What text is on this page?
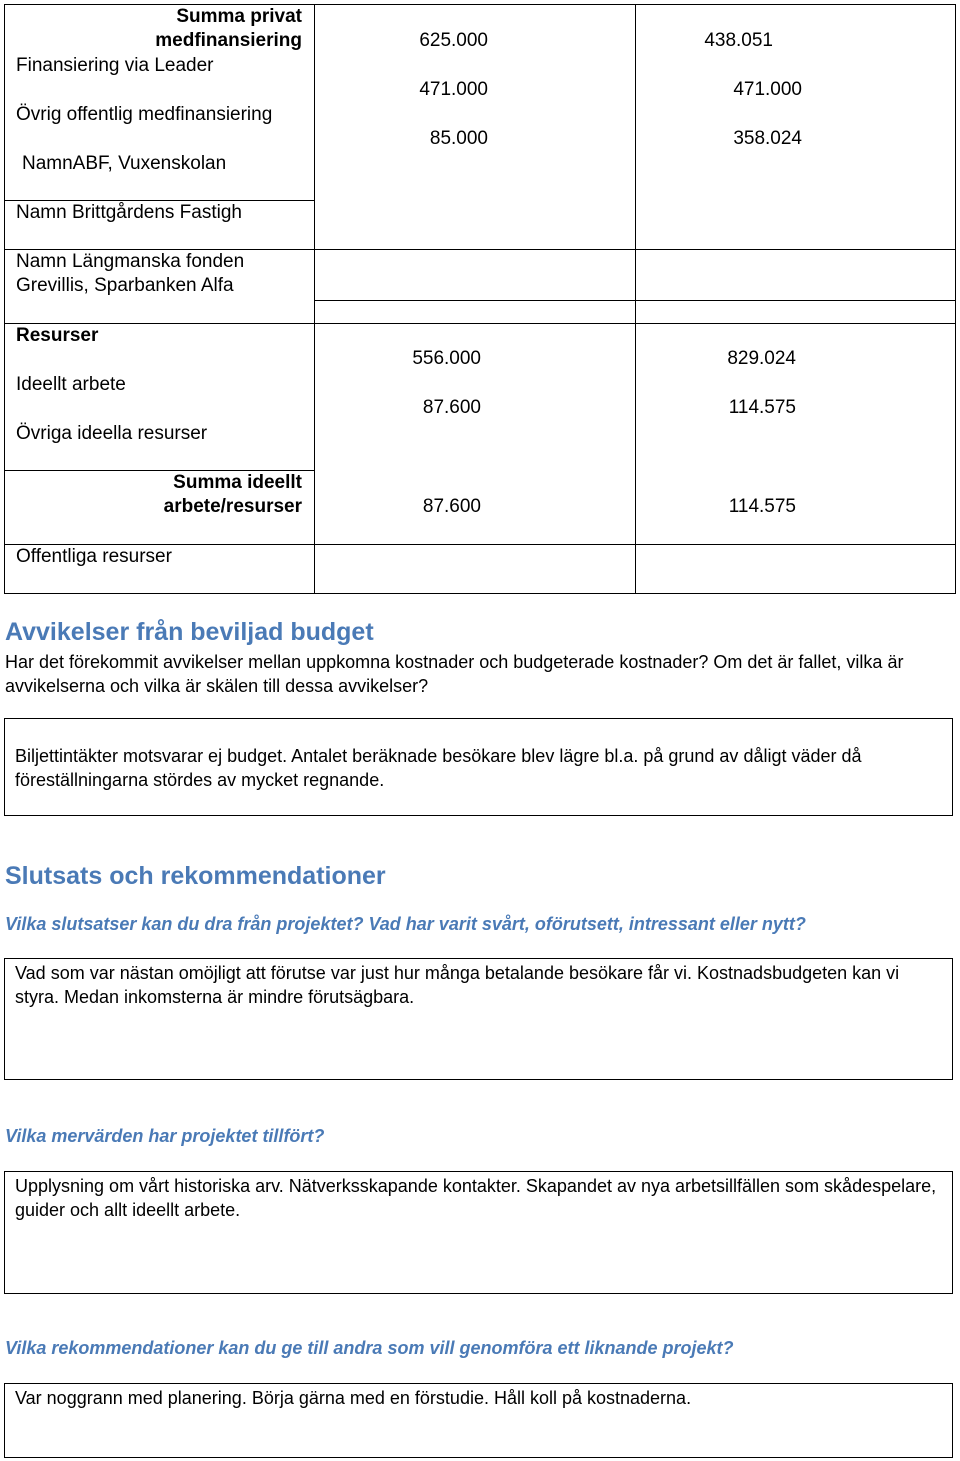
Summa privat
medfinansiering
Finansiering via Leader
Övrig offentlig medfinansiering
NamnABF, Vuxenskolan
Namn Brittgårdens Fastigh
Namn Längmanska fonden
Grevillis, Sparbanken Alfa
Resurser
Ideellt arbete
Övriga ideella resurser
Summa ideellt
arbete/resurser
Offentliga resurser
625.000
471.000
85.000
556.000
87.600
87.600
438.051
471.000
358.024
829.024
114.575
114.575
Avvikelser från beviljad budget
Har det förekommit avvikelser mellan uppkomna kostnader och budgeterade kostnader? Om det är fallet, vilka är avvikelserna och vilka är skälen till dessa avvikelser?

Biljettintäkter motsvarar ej budget. Antalet beräknade besökare blev lägre bl.a. på grund av dåligt väder då föreställningarna stördes av mycket regnande.

Slutsats och rekommendationer
Vilka slutsatser kan du dra från projektet? Vad har varit svårt, oförutsett, intressant eller nytt?

Vad som var nästan omöjligt att förutse var just hur många betalande besökare får vi. Kostnadsbudgeten kan vi styra. Medan inkomsterna är mindre förutsägbara.

Vilka mervärden har projektet tillfört?

Upplysning om vårt historiska arv. Nätverksskapande kontakter. Skapandet av nya arbetsillfällen som skådespelare, guider och allt ideellt arbete.

Vilka rekommendationer kan du ge till andra som vill genomföra ett liknande projekt?

Var noggrann med planering. Börja gärna med en förstudie. Håll koll på kostnaderna.
